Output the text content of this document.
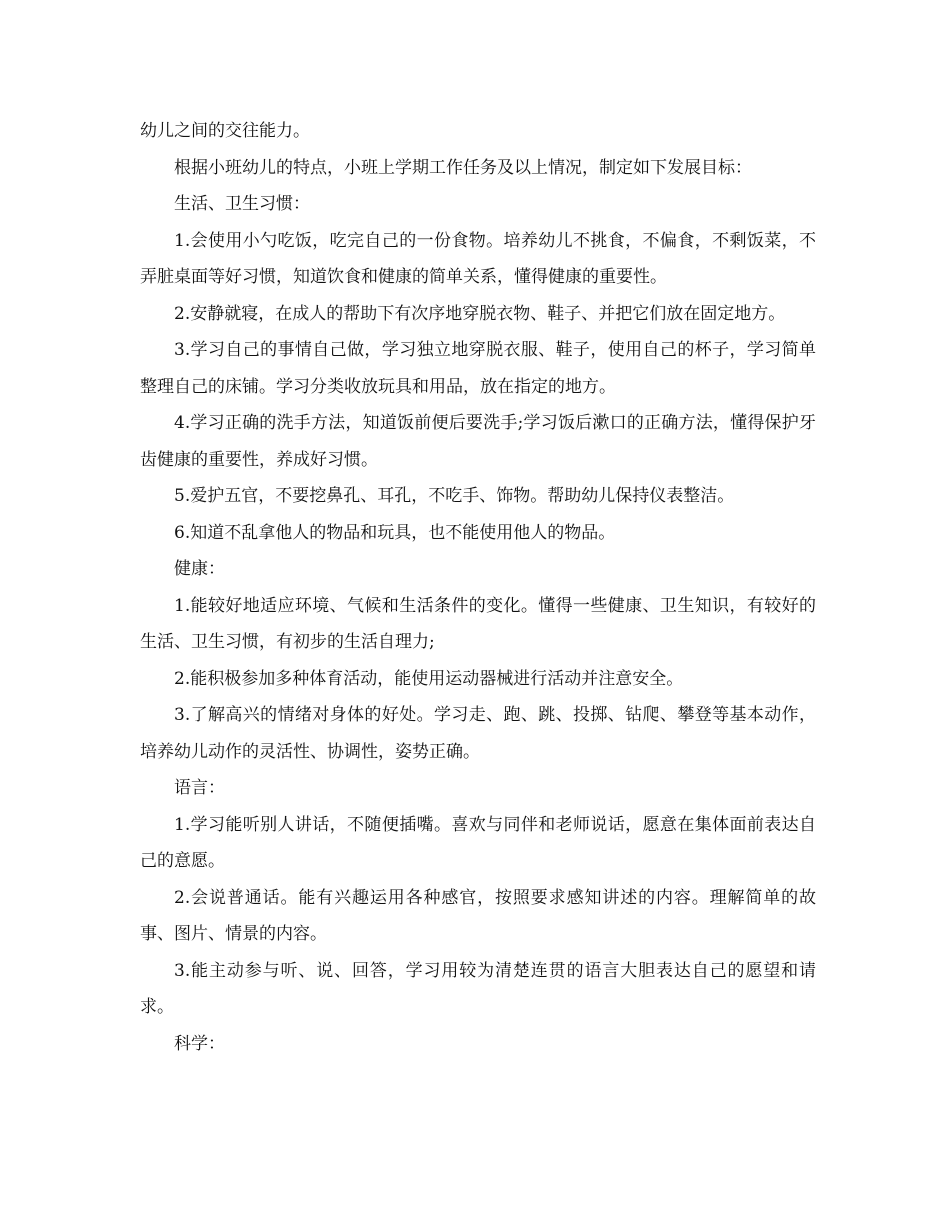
幼儿之间的交往能力。

根据小班幼儿的特点，小班上学期工作任务及以上情况，制定如下发展目标：

生活、卫生习惯：

1.会使用小勺吃饭，吃完自己的一份食物。培养幼儿不挑食，不偏食，不剩饭菜，不弄脏桌面等好习惯，知道饮食和健康的简单关系，懂得健康的重要性。

2.安静就寝，在成人的帮助下有次序地穿脱衣物、鞋子、并把它们放在固定地方。

3.学习自己的事情自己做，学习独立地穿脱衣服、鞋子，使用自己的杯子，学习简单整理自己的床铺。学习分类收放玩具和用品，放在指定的地方。

4.学习正确的洗手方法，知道饭前便后要洗手;学习饭后漱口的正确方法，懂得保护牙齿健康的重要性，养成好习惯。

5.爱护五官，不要挖鼻孔、耳孔，不吃手、饰物。帮助幼儿保持仪表整洁。

6.知道不乱拿他人的物品和玩具，也不能使用他人的物品。

健康：

1.能较好地适应环境、气候和生活条件的变化。懂得一些健康、卫生知识，有较好的生活、卫生习惯，有初步的生活自理力;

2.能积极参加多种体育活动，能使用运动器械进行活动并注意安全。

3.了解高兴的情绪对身体的好处。学习走、跑、跳、投掷、钻爬、攀登等基本动作，培养幼儿动作的灵活性、协调性，姿势正确。

语言：

1.学习能听别人讲话，不随便插嘴。喜欢与同伴和老师说话，愿意在集体面前表达自己的意愿。

2.会说普通话。能有兴趣运用各种感官，按照要求感知讲述的内容。理解简单的故事、图片、情景的内容。

3.能主动参与听、说、回答，学习用较为清楚连贯的语言大胆表达自己的愿望和请求。

科学：
